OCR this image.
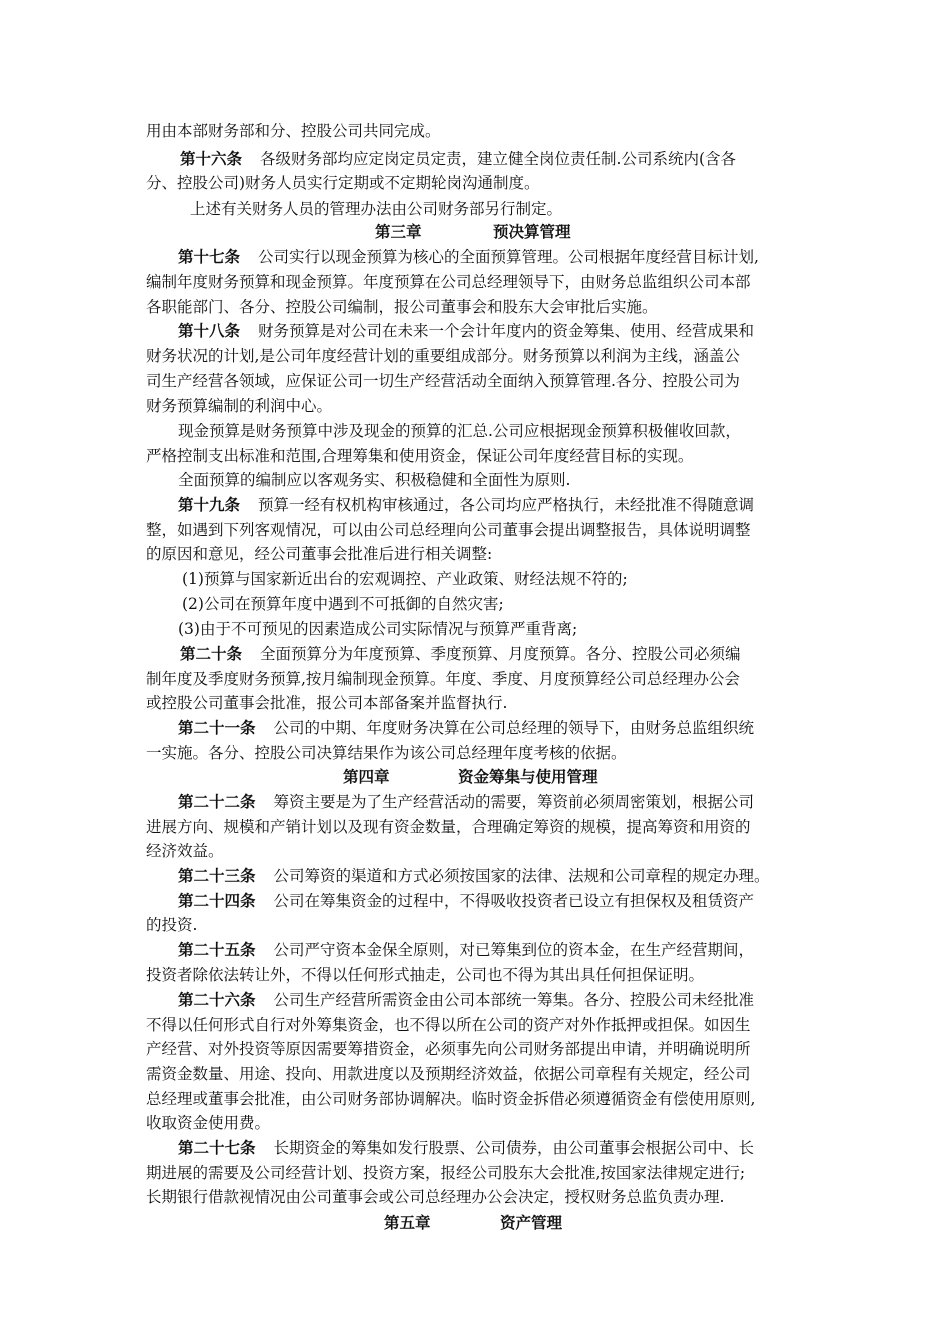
用由本部财务部和分、控股公司共同完成。
第十六条 各级财务部均应定岗定员定责，建立健全岗位责任制.公司系统内(含各
分、控股公司)财务人员实行定期或不定期轮岗沟通制度。
上述有关财务人员的管理办法由公司财务部另行制定。
第三章	预决算管理
第十七条 公司实行以现金预算为核心的全面预算管理。公司根据年度经营目标计划,
编制年度财务预算和现金预算。年度预算在公司总经理领导下，由财务总监组织公司本部
各职能部门、各分、控股公司编制，报公司董事会和股东大会审批后实施。
第十八条 财务预算是对公司在未来一个会计年度内的资金筹集、使用、经营成果和
财务状况的计划,是公司年度经营计划的重要组成部分。财务预算以利润为主线，涵盖公
司生产经营各领域，应保证公司一切生产经营活动全面纳入预算管理.各分、控股公司为
财务预算编制的利润中心。
现金预算是财务预算中涉及现金的预算的汇总.公司应根据现金预算积极催收回款，
严格控制支出标准和范围,合理筹集和使用资金，保证公司年度经营目标的实现。
全面预算的编制应以客观务实、积极稳健和全面性为原则.
第十九条 预算一经有权机构审核通过，各公司均应严格执行，未经批准不得随意调
整，如遇到下列客观情况，可以由公司总经理向公司董事会提出调整报告，具体说明调整
的原因和意见，经公司董事会批准后进行相关调整:
(1)预算与国家新近出台的宏观调控、产业政策、财经法规不符的;
(2)公司在预算年度中遇到不可抵御的自然灾害;
(3)由于不可预见的因素造成公司实际情况与预算严重背离;
第二十条 全面预算分为年度预算、季度预算、月度预算。各分、控股公司必须编
制年度及季度财务预算,按月编制现金预算。年度、季度、月度预算经公司总经理办公会
或控股公司董事会批准，报公司本部备案并监督执行.
第二十一条 公司的中期、年度财务决算在公司总经理的领导下，由财务总监组织统
一实施。各分、控股公司决算结果作为该公司总经理年度考核的依据。
第四章	资金筹集与使用管理
第二十二条 筹资主要是为了生产经营活动的需要，筹资前必须周密策划，根据公司
进展方向、规模和产销计划以及现有资金数量，合理确定筹资的规模，提高筹资和用资的
经济效益。
第二十三条 公司筹资的渠道和方式必须按国家的法律、法规和公司章程的规定办理。
第二十四条 公司在筹集资金的过程中，不得吸收投资者已设立有担保权及租赁资产
的投资.
第二十五条 公司严守资本金保全原则，对已筹集到位的资本金，在生产经营期间，
投资者除依法转让外，不得以任何形式抽走，公司也不得为其出具任何担保证明。
第二十六条 公司生产经营所需资金由公司本部统一筹集。各分、控股公司未经批准
不得以任何形式自行对外筹集资金，也不得以所在公司的资产对外作抵押或担保。如因生
产经营、对外投资等原因需要筹措资金，必须事先向公司财务部提出申请，并明确说明所
需资金数量、用途、投向、用款进度以及预期经济效益，依据公司章程有关规定，经公司
总经理或董事会批准，由公司财务部协调解决。临时资金拆借必须遵循资金有偿使用原则,
收取资金使用费。
第二十七条 长期资金的筹集如发行股票、公司债券，由公司董事会根据公司中、长
期进展的需要及公司经营计划、投资方案，报经公司股东大会批准,按国家法律规定进行;
长期银行借款视情况由公司董事会或公司总经理办公会决定，授权财务总监负责办理.
第五章	资产管理
